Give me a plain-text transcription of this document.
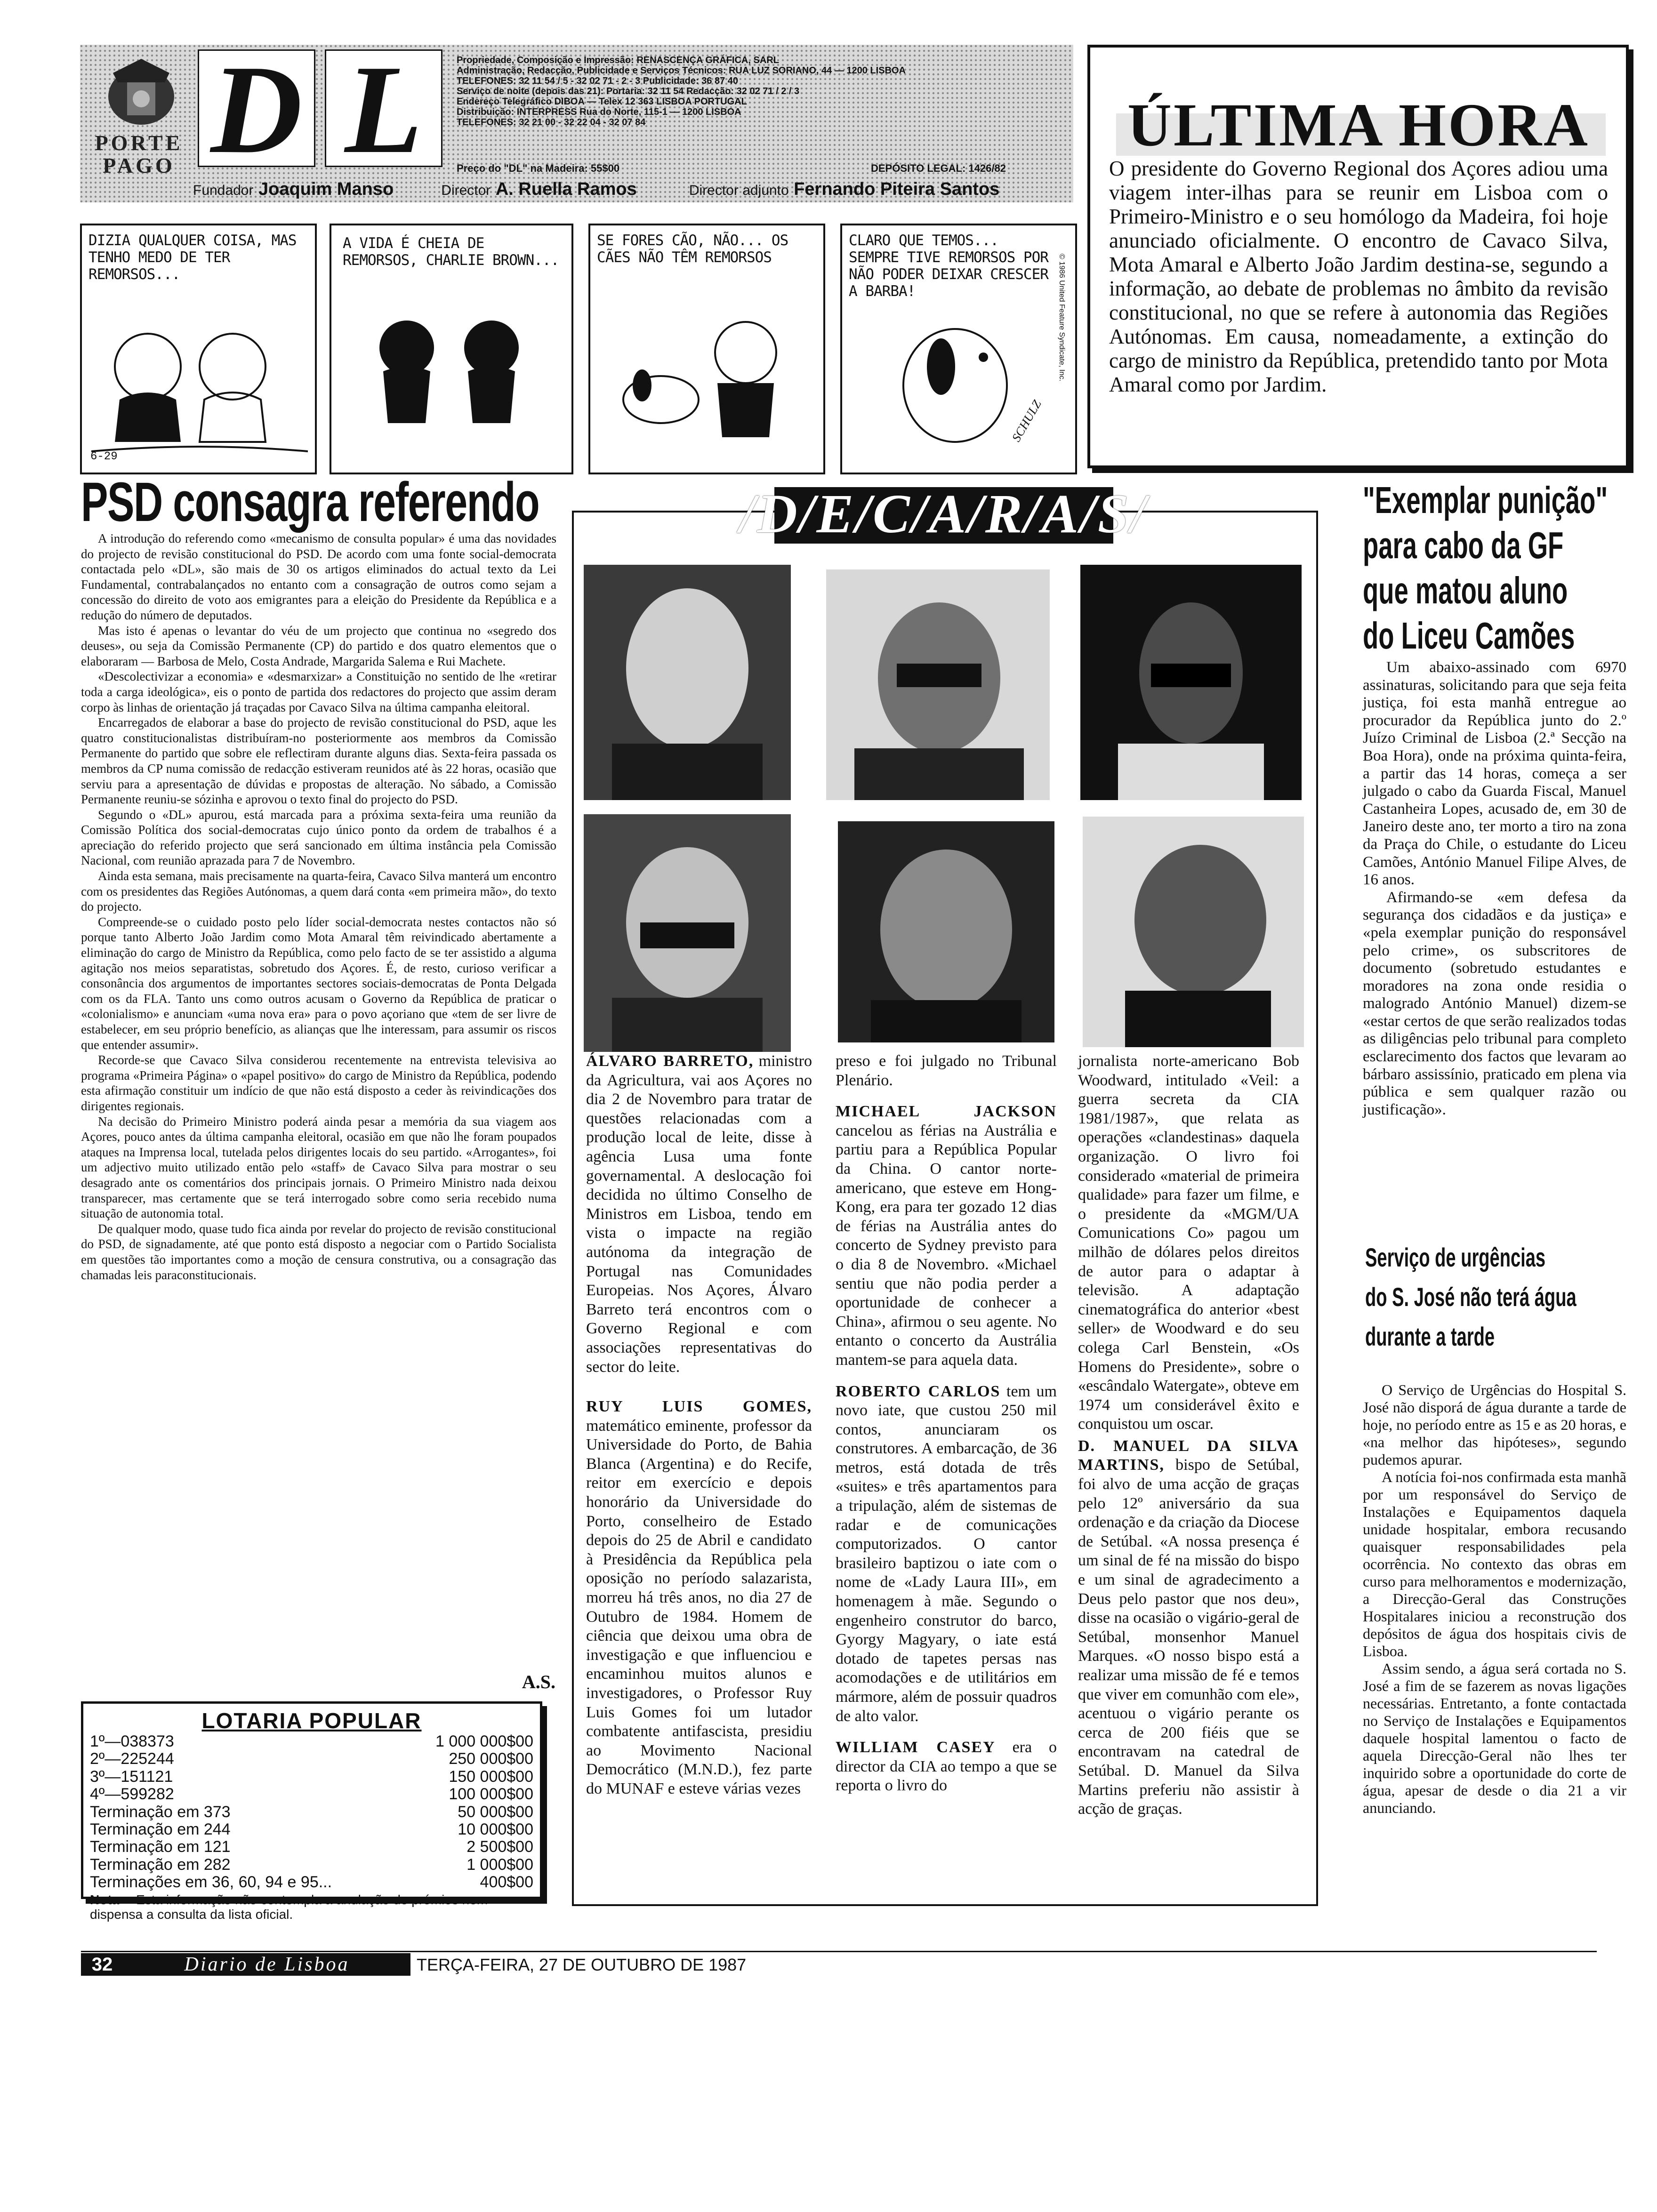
PORTE PAGO D L	Propriedade, Composição e Impressão: RENASCENÇA GRÁFICA, SARL
Administração, Redacção, Publicidade e Serviços Técnicos: RUA LUZ SORIANO, 44 — 1200 LISBOA
TELEFONES: 32 11 54 / 5 - 32 02 71 - 2 - 3 Publicidade: 36 87 40
Serviço de noite (depois das 21): Portaria: 32 11 54 Redacção: 32 02 71 / 2 / 3
Endereço Telegráfico DIBOA — Telex 12 363 LISBOA PORTUGAL
Distribuição: INTERPRESS Rua do Norte, 115-1 — 1200 LISBOA
TELEFONES: 32 21 00 - 32 22 04 - 32 07 84
Preço do "DL" na Madeira: 55$00	DEPÓSITO LEGAL: 1426/82
Fundador Joaquim Manso	Director A. Ruella Ramos	Director adjunto Fernando Piteira Santos
ÚLTIMA HORA
O presidente do Governo Regional dos Açores adiou uma viagem inter-ilhas para se reunir em Lisboa com o Primeiro-Ministro e o seu homólogo da Madeira, foi hoje anunciado oficialmente. O encontro de Cavaco Silva, Mota Amaral e Alberto João Jardim destina-se, segundo a informação, ao debate de problemas no âmbito da revisão constitucional, no que se refere à autonomia das Regiões Autónomas. Em causa, nomeadamente, a extinção do cargo de ministro da República, pretendido tanto por Mota Amaral como por Jardim.
DIZIA QUALQUER COISA, MAS TENHO MEDO DE TER REMORSOS...
6-29
A VIDA É CHEIA DE REMORSOS, CHARLIE BROWN...
SE FORES CÃO, NÃO... OS CÃES NÃO TÊM REMORSOS
CLARO QUE TEMOS... SEMPRE TIVE REMORSOS POR NÃO PODER DEIXAR CRESCER A BARBA!
SCHULZ
© 1986 United Feature Syndicate, Inc.
PSD consagra referendo

A introdução do referendo como «mecanismo de consulta popular» é uma das novidades do projecto de revisão constitucional do PSD. De acordo com uma fonte social-democrata contactada pelo «DL», são mais de 30 os artigos eliminados do actual texto da Lei Fundamental, contrabalançados no entanto com a consagração de outros como sejam a concessão do direito de voto aos emigrantes para a eleição do Presidente da República e a redução do número de deputados.

Mas isto é apenas o levantar do véu de um projecto que continua no «segredo dos deuses», ou seja da Comissão Permanente (CP) do partido e dos quatro elementos que o elaboraram — Barbosa de Melo, Costa Andrade, Margarida Salema e Rui Machete.

«Descolectivizar a economia» e «desmarxizar» a Constituição no sentido de lhe «retirar toda a carga ideológica», eis o ponto de partida dos redactores do projecto que assim deram corpo às linhas de orientação já traçadas por Cavaco Silva na última campanha eleitoral.

Encarregados de elaborar a base do projecto de revisão constitucional do PSD, aque les quatro constitucionalistas distribuíram-no posteriormente aos membros da Comissão Permanente do partido que sobre ele reflectiram durante alguns dias. Sexta-feira passada os membros da CP numa comissão de redacção estiveram reunidos até às 22 horas, ocasião que serviu para a apresentação de dúvidas e propostas de alteração. No sábado, a Comissão Permanente reuniu-se sózinha e aprovou o texto final do projecto do PSD.

Segundo o «DL» apurou, está marcada para a próxima sexta-feira uma reunião da Comissão Política dos social-democratas cujo único ponto da ordem de trabalhos é a apreciação do referido projecto que será sancionado em última instância pela Comissão Nacional, com reunião aprazada para 7 de Novembro.

Ainda esta semana, mais precisamente na quarta-feira, Cavaco Silva manterá um encontro com os presidentes das Regiões Autónomas, a quem dará conta «em primeira mão», do texto do projecto.

Compreende-se o cuidado posto pelo líder social-democrata nestes contactos não só porque tanto Alberto João Jardim como Mota Amaral têm reivindicado abertamente a eliminação do cargo de Ministro da República, como pelo facto de se ter assistido a alguma agitação nos meios separatistas, sobretudo dos Açores. É, de resto, curioso verificar a consonância dos argumentos de importantes sectores sociais-democratas de Ponta Delgada com os da FLA. Tanto uns como outros acusam o Governo da República de praticar o «colonialismo» e anunciam «uma nova era» para o povo açoriano que «tem de ser livre de estabelecer, em seu próprio benefício, as alianças que lhe interessam, para assumir os riscos que entender assumir».

Recorde-se que Cavaco Silva considerou recentemente na entrevista televisiva ao programa «Primeira Página» o «papel positivo» do cargo de Ministro da República, podendo esta afirmação constituir um indício de que não está disposto a ceder às reivindicações dos dirigentes regionais.

Na decisão do Primeiro Ministro poderá ainda pesar a memória da sua viagem aos Açores, pouco antes da última campanha eleitoral, ocasião em que não lhe foram poupados ataques na Imprensa local, tutelada pelos dirigentes locais do seu partido. «Arrogantes», foi um adjectivo muito utilizado então pelo «staff» de Cavaco Silva para mostrar o seu desagrado ante os comentários dos principais jornais. O Primeiro Ministro nada deixou transparecer, mas certamente que se terá interrogado sobre como seria recebido numa situação de autonomia total.

De qualquer modo, quase tudo fica ainda por revelar do projecto de revisão constitucional do PSD, de signadamente, até que ponto está disposto a negociar com o Partido Socialista em questões tão importantes como a moção de censura construtiva, ou a consagração das chamadas leis paraconstitucionais.

A.S.
LOTARIA POPULAR
1º—038373	1 000 000$00
2º—225244	250 000$00
3º—151121	150 000$00
4º—599282	100 000$00
Terminação em 373	50 000$00
Terminação em 244	10 000$00
Terminação em 121	2 500$00
Terminação em 282	1 000$00
Terminações em 36, 60, 94 e 95...	400$00
Nota— Esta informação não contempla a anulação de prémios nem dispensa a consulta da lista oficial.
/D/E/C/A/R/A/S/

ÁLVARO BARRETO, ministro da Agricultura, vai aos Açores no dia 2 de Novembro para tratar de questões relacionadas com a produção local de leite, disse à agência Lusa uma fonte governamental. A deslocação foi decidida no último Conselho de Ministros em Lisboa, tendo em vista o impacte na região autónoma da integração de Portugal nas Comunidades Europeias. Nos Açores, Álvaro Barreto terá encontros com o Governo Regional e com associações representativas do sector do leite.

RUY LUIS GOMES, matemático eminente, professor da Universidade do Porto, de Bahia Blanca (Argentina) e do Recife, reitor em exercício e depois honorário da Universidade do Porto, conselheiro de Estado depois do 25 de Abril e candidato à Presidência da República pela oposição no período salazarista, morreu há três anos, no dia 27 de Outubro de 1984. Homem de ciência que deixou uma obra de investigação e que influenciou e encaminhou muitos alunos e investigadores, o Professor Ruy Luis Gomes foi um lutador combatente antifascista, presidiu ao Movimento Nacional Democrático (M.N.D.), fez parte do MUNAF e esteve várias vezes

preso e foi julgado no Tribunal Plenário.

MICHAEL JACKSON cancelou as férias na Austrália e partiu para a República Popular da China. O cantor norte-americano, que esteve em Hong-Kong, era para ter gozado 12 dias de férias na Austrália antes do concerto de Sydney previsto para o dia 8 de Novembro. «Michael sentiu que não podia perder a oportunidade de conhecer a China», afirmou o seu agente. No entanto o concerto da Austrália mantem-se para aquela data.

ROBERTO CARLOS tem um novo iate, que custou 250 mil contos, anunciaram os construtores. A embarcação, de 36 metros, está dotada de três «suites» e três apartamentos para a tripulação, além de sistemas de radar e de comunicações computorizados. O cantor brasileiro baptizou o iate com o nome de «Lady Laura III», em homenagem à mãe. Segundo o engenheiro construtor do barco, Gyorgy Magyary, o iate está dotado de tapetes persas nas acomodações e de utilitários em mármore, além de possuir quadros de alto valor.

WILLIAM CASEY era o director da CIA ao tempo a que se reporta o livro do

jornalista norte-americano Bob Woodward, intitulado «Veil: a guerra secreta da CIA 1981/1987», que relata as operações «clandestinas» daquela organização. O livro foi considerado «material de primeira qualidade» para fazer um filme, e o presidente da «MGM/UA Comunications Co» pagou um milhão de dólares pelos direitos de autor para o adaptar à televisão. A adaptação cinematográfica do anterior «best seller» de Woodward e do seu colega Carl Benstein, «Os Homens do Presidente», sobre o «escândalo Watergate», obteve em 1974 um considerável êxito e conquistou um oscar.

D. MANUEL DA SILVA MARTINS, bispo de Setúbal, foi alvo de uma acção de graças pelo 12º aniversário da sua ordenação e da criação da Diocese de Setúbal. «A nossa presença é um sinal de fé na missão do bispo e um sinal de agradecimento a Deus pelo pastor que nos deu», disse na ocasião o vigário-geral de Setúbal, monsenhor Manuel Marques. «O nosso bispo está a realizar uma missão de fé e temos que viver em comunhão com ele», acentuou o vigário perante os cerca de 200 fiéis que se encontravam na catedral de Setúbal. D. Manuel da Silva Martins preferiu não assistir à acção de graças.

"Exemplar punição"
para cabo da GF
que matou aluno
do Liceu Camões

Um abaixo-assinado com 6970 assinaturas, solicitando para que seja feita justiça, foi esta manhã entregue ao procurador da República junto do 2.º Juízo Criminal de Lisboa (2.ª Secção na Boa Hora), onde na próxima quinta-feira, a partir das 14 horas, começa a ser julgado o cabo da Guarda Fiscal, Manuel Castanheira Lopes, acusado de, em 30 de Janeiro deste ano, ter morto a tiro na zona da Praça do Chile, o estudante do Liceu Camões, António Manuel Filipe Alves, de 16 anos.

Afirmando-se «em defesa da segurança dos cidadãos e da justiça» e «pela exemplar punição do responsável pelo crime», os subscritores de documento (sobretudo estudantes e moradores na zona onde residia o malogrado António Manuel) dizem-se «estar certos de que serão realizados todas as diligências pelo tribunal para completo esclarecimento dos factos que levaram ao bárbaro assissínio, praticado em plena via pública e sem qualquer razão ou justificação».

Serviço de urgências
do S. José não terá água
durante a tarde

O Serviço de Urgências do Hospital S. José não disporá de água durante a tarde de hoje, no período entre as 15 e as 20 horas, e «na melhor das hipóteses», segundo pudemos apurar.

A notícia foi-nos confirmada esta manhã por um responsável do Serviço de Instalações e Equipamentos daquela unidade hospitalar, embora recusando quaisquer responsabilidades pela ocorrência. No contexto das obras em curso para melhoramentos e modernização, a Direcção-Geral das Construções Hospitalares iniciou a reconstrução dos depósitos de água dos hospitais civis de Lisboa.

Assim sendo, a água será cortada no S. José a fim de se fazerem as novas ligações necessárias. Entretanto, a fonte contactada no Serviço de Instalações e Equipamentos daquele hospital lamentou o facto de aquela Direcção-Geral não lhes ter inquirido sobre a oportunidade do corte de água, apesar de desde o dia 21 a vir anunciando.

32	Diario de Lisboa	TERÇA-FEIRA, 27 DE OUTUBRO DE 1987
